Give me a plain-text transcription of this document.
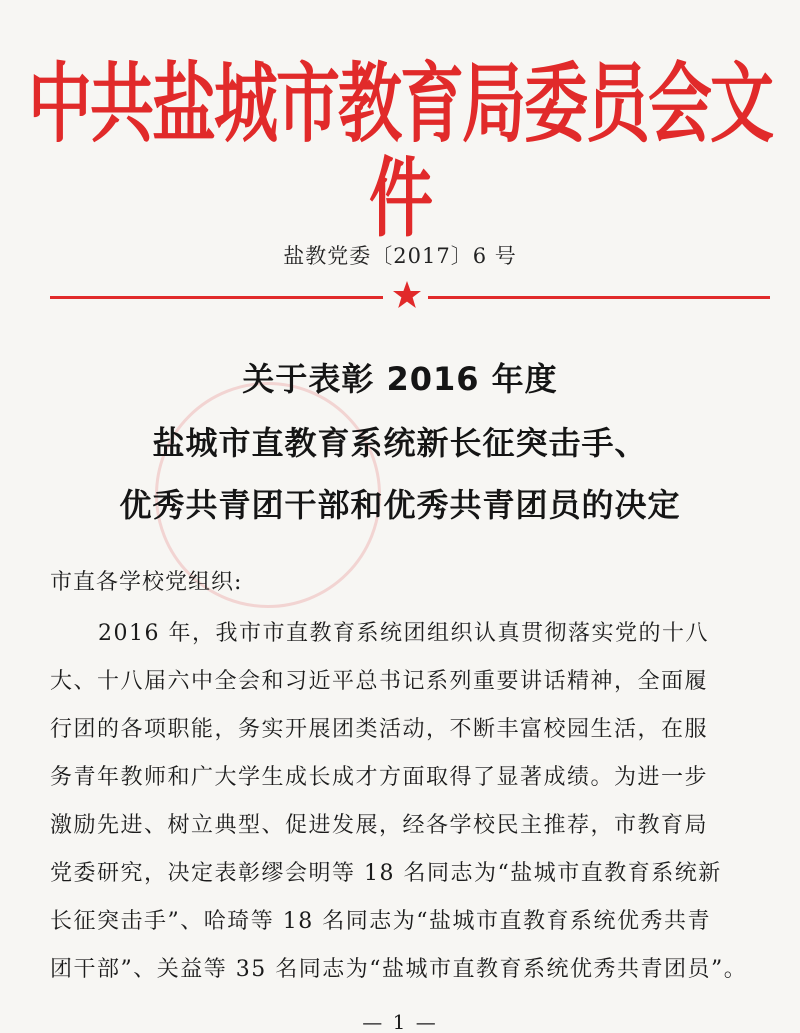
中共盐城市教育局委员会文件
盐教党委〔2017〕6 号
关于表彰 2016 年度
盐城市直教育系统新长征突击手、
优秀共青团干部和优秀共青团员的决定
市直各学校党组织:
2016 年，我市市直教育系统团组织认真贯彻落实党的十八
大、十八届六中全会和习近平总书记系列重要讲话精神，全面履
行团的各项职能，务实开展团类活动，不断丰富校园生活，在服
务青年教师和广大学生成长成才方面取得了显著成绩。为进一步
激励先进、树立典型、促进发展，经各学校民主推荐，市教育局
党委研究，决定表彰缪会明等 18 名同志为“盐城市直教育系统新
长征突击手”、哈琦等 18 名同志为“盐城市直教育系统优秀共青
团干部”、关益等 35 名同志为“盐城市直教育系统优秀共青团员”。
— 1 —
